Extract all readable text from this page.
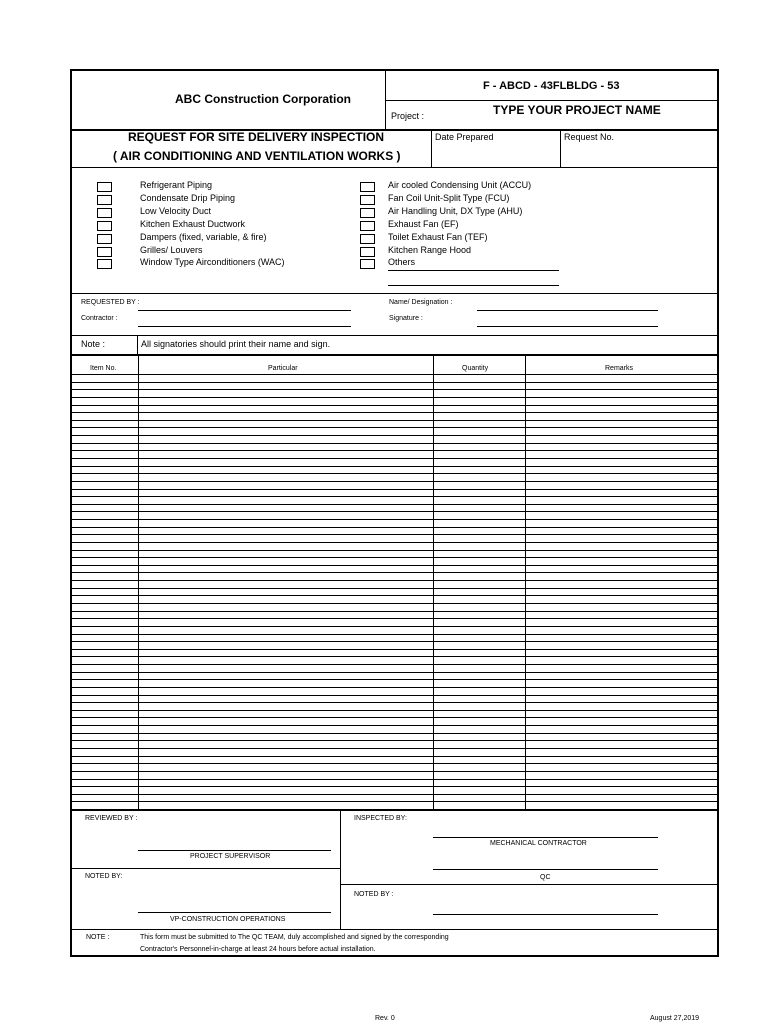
ABC Construction Corporation
F - ABCD - 43FLBLDG - 53
Project :	TYPE YOUR PROJECT NAME
REQUEST FOR SITE DELIVERY INSPECTION
( AIR CONDITIONING AND VENTILATION WORKS )
Date Prepared	Request No.
Refrigerant Piping
Condensate Drip Piping
Low Velocity Duct
Kitchen Exhaust Ductwork
Dampers (fixed, variable, & fire)
Grilles/ Louvers
Window Type Airconditioners (WAC)
Air cooled Condensing Unit (ACCU)
Fan Coil Unit-Split Type (FCU)
Air Handling Unit, DX Type (AHU)
Exhaust Fan (EF)
Toilet Exhaust Fan (TEF)
Kitchen Range Hood
Others
REQUESTED BY :
Contractor :
Name/ Designation :
Signature :
Note :	All signatories should print their name and sign.
Item No.	Particular	Quantity	Remarks
REVIEWED BY :
PROJECT SUPERVISOR
INSPECTED BY:
MECHANICAL CONTRACTOR
QC
NOTED BY:
VP-CONSTRUCTION OPERATIONS
NOTED BY :
NOTE :	This form must be submitted to The QC TEAM, duly accomplished and signed by the corresponding
Contractor's Personnel-in-charge at least 24 hours before actual installation.
Rev. 0	August 27,2019
